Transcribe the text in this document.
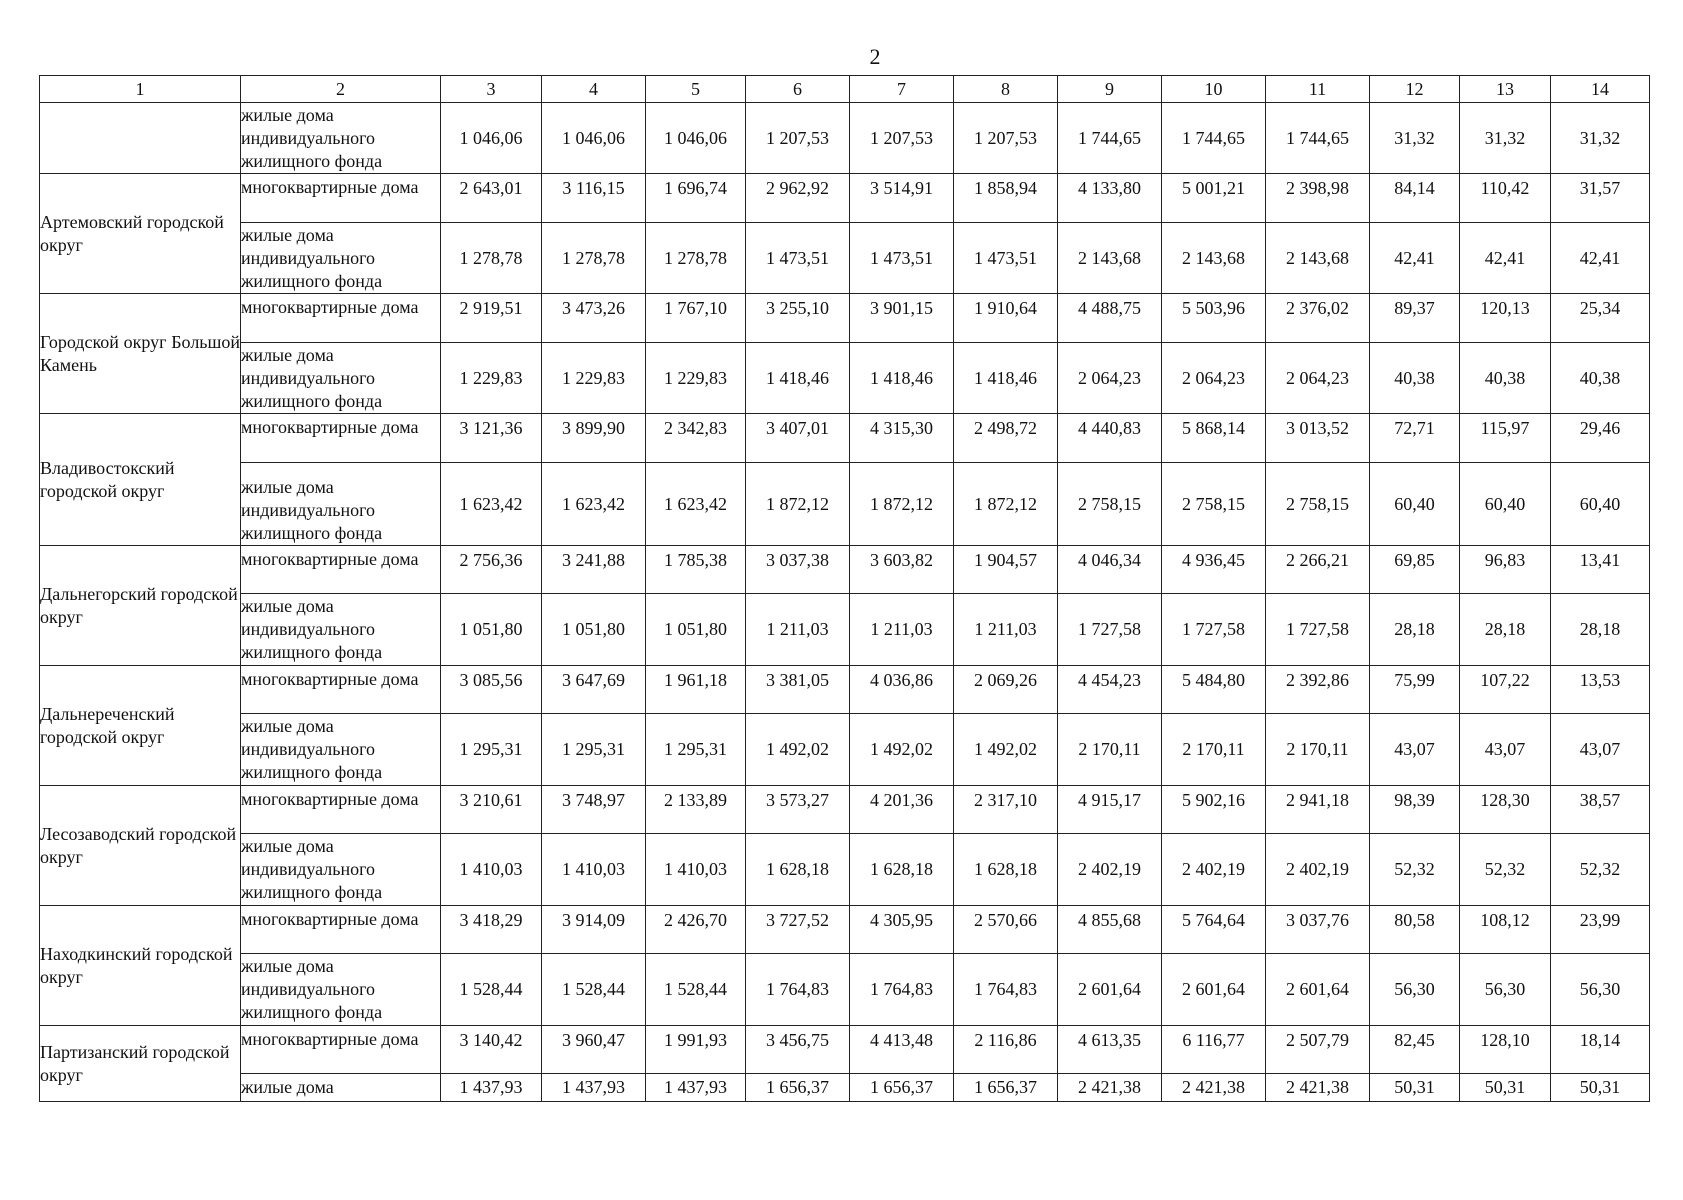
2
1	2	3	4	5	6	7	8	9	10	11	12	13	14
	жилые дома индивидуального жилищного фонда	1 046,06	1 046,06	1 046,06	1 207,53	1 207,53	1 207,53	1 744,65	1 744,65	1 744,65	31,32	31,32	31,32
Артемовский городской округ	многоквартирные дома	2 643,01	3 116,15	1 696,74	2 962,92	3 514,91	1 858,94	4 133,80	5 001,21	2 398,98	84,14	110,42	31,57
	жилые дома индивидуального жилищного фонда	1 278,78	1 278,78	1 278,78	1 473,51	1 473,51	1 473,51	2 143,68	2 143,68	2 143,68	42,41	42,41	42,41
Городской округ Большой Камень	многоквартирные дома	2 919,51	3 473,26	1 767,10	3 255,10	3 901,15	1 910,64	4 488,75	5 503,96	2 376,02	89,37	120,13	25,34
	жилые дома индивидуального жилищного фонда	1 229,83	1 229,83	1 229,83	1 418,46	1 418,46	1 418,46	2 064,23	2 064,23	2 064,23	40,38	40,38	40,38
Владивостокский городской округ	многоквартирные дома	3 121,36	3 899,90	2 342,83	3 407,01	4 315,30	2 498,72	4 440,83	5 868,14	3 013,52	72,71	115,97	29,46
	жилые дома индивидуального жилищного фонда	1 623,42	1 623,42	1 623,42	1 872,12	1 872,12	1 872,12	2 758,15	2 758,15	2 758,15	60,40	60,40	60,40
Дальнегорский городской округ	многоквартирные дома	2 756,36	3 241,88	1 785,38	3 037,38	3 603,82	1 904,57	4 046,34	4 936,45	2 266,21	69,85	96,83	13,41
	жилые дома индивидуального жилищного фонда	1 051,80	1 051,80	1 051,80	1 211,03	1 211,03	1 211,03	1 727,58	1 727,58	1 727,58	28,18	28,18	28,18
Дальнереченский городской округ	многоквартирные дома	3 085,56	3 647,69	1 961,18	3 381,05	4 036,86	2 069,26	4 454,23	5 484,80	2 392,86	75,99	107,22	13,53
	жилые дома индивидуального жилищного фонда	1 295,31	1 295,31	1 295,31	1 492,02	1 492,02	1 492,02	2 170,11	2 170,11	2 170,11	43,07	43,07	43,07
Лесозаводский городской округ	многоквартирные дома	3 210,61	3 748,97	2 133,89	3 573,27	4 201,36	2 317,10	4 915,17	5 902,16	2 941,18	98,39	128,30	38,57
	жилые дома индивидуального жилищного фонда	1 410,03	1 410,03	1 410,03	1 628,18	1 628,18	1 628,18	2 402,19	2 402,19	2 402,19	52,32	52,32	52,32
Находкинский городской округ	многоквартирные дома	3 418,29	3 914,09	2 426,70	3 727,52	4 305,95	2 570,66	4 855,68	5 764,64	3 037,76	80,58	108,12	23,99
	жилые дома индивидуального жилищного фонда	1 528,44	1 528,44	1 528,44	1 764,83	1 764,83	1 764,83	2 601,64	2 601,64	2 601,64	56,30	56,30	56,30
Партизанский городской округ	многоквартирные дома	3 140,42	3 960,47	1 991,93	3 456,75	4 413,48	2 116,86	4 613,35	6 116,77	2 507,79	82,45	128,10	18,14
	жилые дома	1 437,93	1 437,93	1 437,93	1 656,37	1 656,37	1 656,37	2 421,38	2 421,38	2 421,38	50,31	50,31	50,31
